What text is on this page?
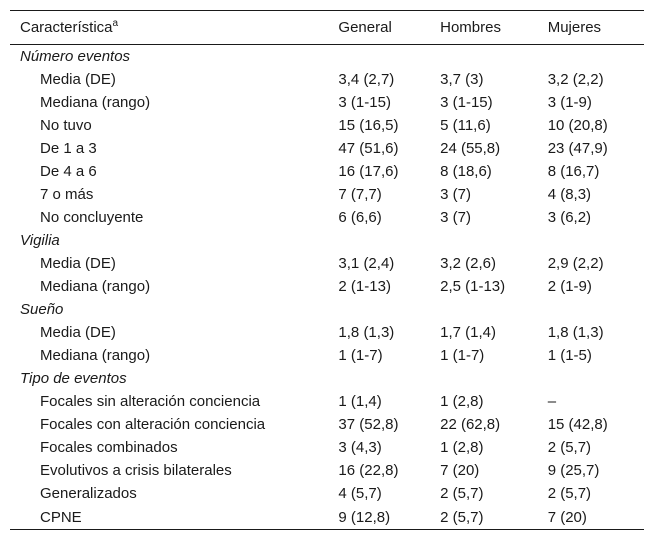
Característica$^a$	General	Hombres	Mujeres
Número eventos			
Media (DE)	3,4 (2,7)	3,7 (3)	3,2 (2,2)
Mediana (rango)	3 (1-15)	3 (1-15)	3 (1-9)
No tuvo	15 (16,5)	5 (11,6)	10 (20,8)
De 1 a 3	47 (51,6)	24 (55,8)	23 (47,9)
De 4 a 6	16 (17,6)	8 (18,6)	8 (16,7)
7 o más	7 (7,7)	3 (7)	4 (8,3)
No concluyente	6 (6,6)	3 (7)	3 (6,2)
Vigilia			
Media (DE)	3,1 (2,4)	3,2 (2,6)	2,9 (2,2)
Mediana (rango)	2 (1-13)	2,5 (1-13)	2 (1-9)
Sueño			
Media (DE)	1,8 (1,3)	1,7 (1,4)	1,8 (1,3)
Mediana (rango)	1 (1-7)	1 (1-7)	1 (1-5)
Tipo de eventos			
Focales sin alteración conciencia	1 (1,4)	1 (2,8)	–
Focales con alteración conciencia	37 (52,8)	22 (62,8)	15 (42,8)
Focales combinados	3 (4,3)	1 (2,8)	2 (5,7)
Evolutivos a crisis bilaterales	16 (22,8)	7 (20)	9 (25,7)
Generalizados	4 (5,7)	2 (5,7)	2 (5,7)
CPNE	9 (12,8)	2 (5,7)	7 (20)
